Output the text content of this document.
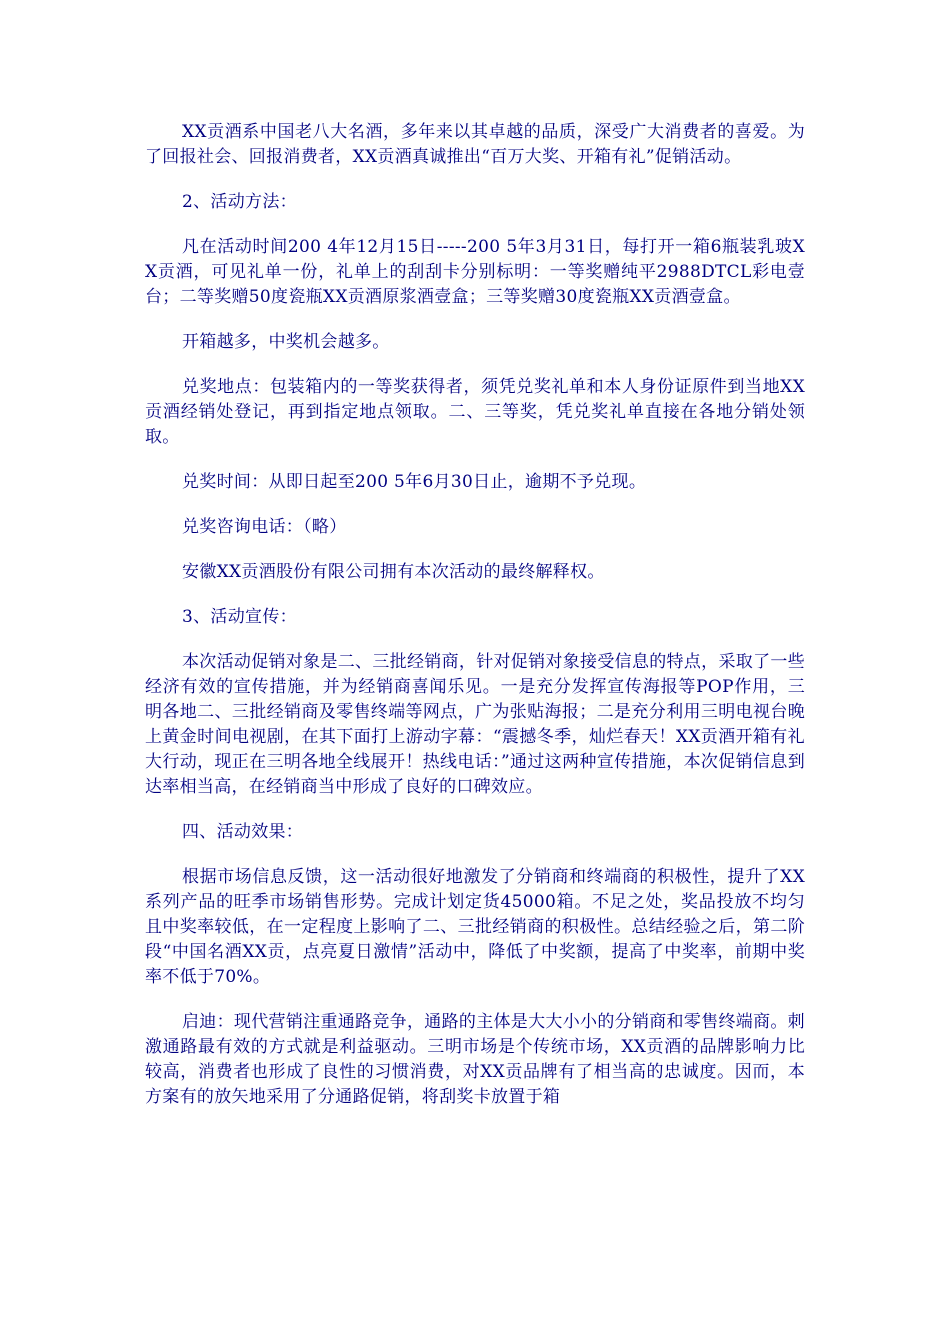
XX贡酒系中国老八大名酒，多年来以其卓越的品质，深受广大消费者的喜爱。为了回报社会、回报消费者，XX贡酒真诚推出“百万大奖、开箱有礼”促销活动。

2、活动方法：

凡在活动时间200 4年12月15日-----200 5年3月31日，每打开一箱6瓶装乳玻XX贡酒，可见礼单一份，礼单上的刮刮卡分别标明：一等奖赠纯平2988DTCL彩电壹台；二等奖赠50度瓷瓶XX贡酒原浆酒壹盒；三等奖赠30度瓷瓶XX贡酒壹盒。

开箱越多，中奖机会越多。

兑奖地点：包装箱内的一等奖获得者，须凭兑奖礼单和本人身份证原件到当地XX贡酒经销处登记，再到指定地点领取。二、三等奖，凭兑奖礼单直接在各地分销处领取。

兑奖时间：从即日起至200 5年6月30日止，逾期不予兑现。

兑奖咨询电话：（略）

安徽XX贡酒股份有限公司拥有本次活动的最终解释权。

3、活动宣传：

本次活动促销对象是二、三批经销商，针对促销对象接受信息的特点，采取了一些经济有效的宣传措施，并为经销商喜闻乐见。一是充分发挥宣传海报等POP作用，三明各地二、三批经销商及零售终端等网点，广为张贴海报；二是充分利用三明电视台晚上黄金时间电视剧，在其下面打上游动字幕：“震撼冬季，灿烂春天！XX贡酒开箱有礼大行动，现正在三明各地全线展开！热线电话：”通过这两种宣传措施，本次促销信息到达率相当高，在经销商当中形成了良好的口碑效应。

四、活动效果：

根据市场信息反馈，这一活动很好地激发了分销商和终端商的积极性，提升了XX系列产品的旺季市场销售形势。完成计划定货45000箱。不足之处，奖品投放不均匀且中奖率较低，在一定程度上影响了二、三批经销商的积极性。总结经验之后，第二阶段“中国名酒XX贡，点亮夏日激情”活动中，降低了中奖额，提高了中奖率，前期中奖率不低于70%。

启迪：现代营销注重通路竞争，通路的主体是大大小小的分销商和零售终端商。刺激通路最有效的方式就是利益驱动。三明市场是个传统市场，XX贡酒的品牌影响力比较高，消费者也形成了良性的习惯消费，对XX贡品牌有了相当高的忠诚度。因而，本方案有的放矢地采用了分通路促销，将刮奖卡放置于箱
